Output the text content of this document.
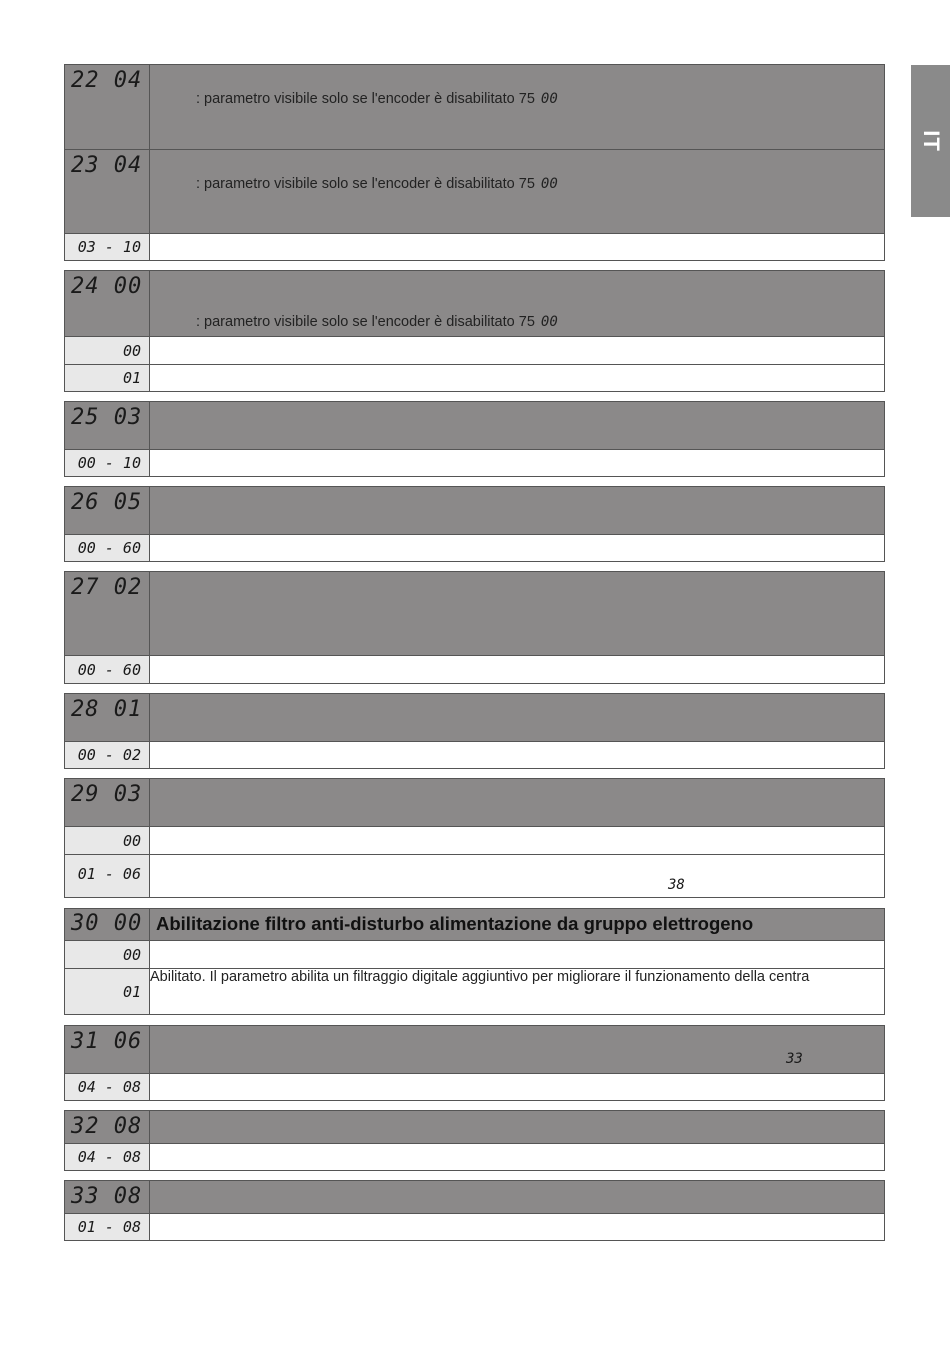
IT
22 04	: parametro visibile solo se l'encoder è disabilitato 75 00

23 04	: parametro visibile solo se l'encoder è disabilitato 75 00

03 - 10	

24 00	: parametro visibile solo se l'encoder è disabilitato 75 00

00	

01	

25 03	

00 - 10	

26 05	

00 - 60	

27 02	

00 - 60	

28 01	

00 - 02	

29 03	

00	

01 - 06	38
30 00	Abilitazione filtro anti-disturbo alimentazione da gruppo elettrogeno

00	

01	Abilitato. Il parametro abilita un filtraggio digitale aggiuntivo per migliorare il funzionamento della centra
31 06	33

04 - 08	

32 08	

04 - 08	

33 08	

01 - 08	
